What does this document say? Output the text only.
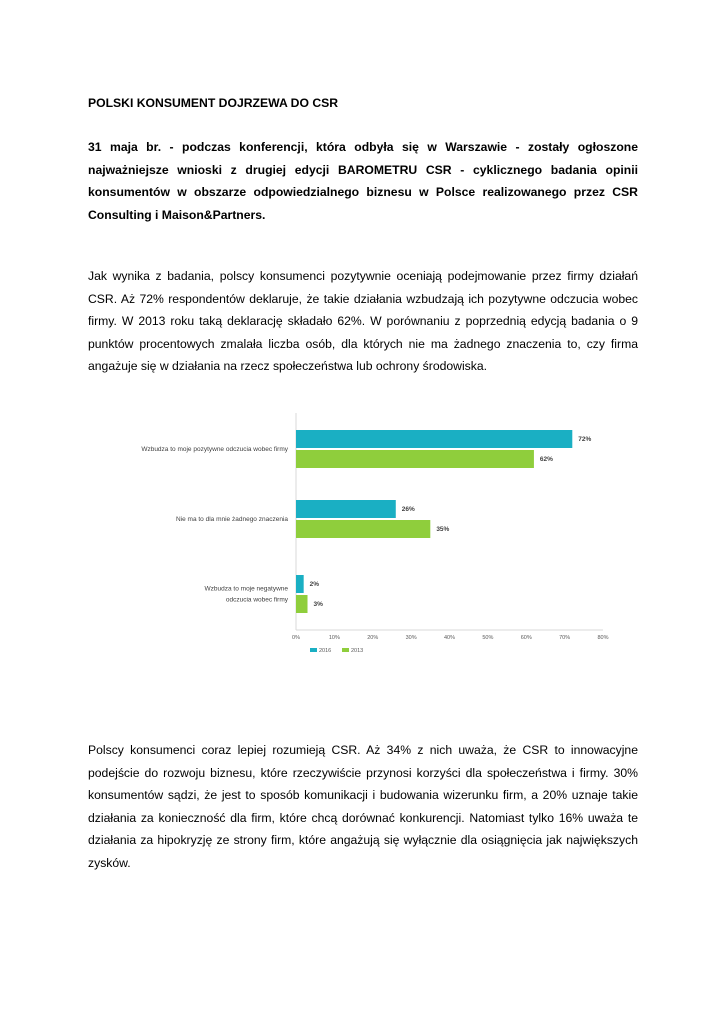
POLSKI KONSUMENT DOJRZEWA DO CSR

31 maja br. - podczas konferencji, która odbyła się w Warszawie - zostały ogłoszone najważniejsze wnioski z drugiej edycji BAROMETRU CSR - cyklicznego badania opinii konsumentów w obszarze odpowiedzialnego biznesu w Polsce realizowanego przez CSR Consulting i Maison&Partners.

Jak wynika z badania, polscy konsumenci pozytywnie oceniają podejmowanie przez firmy działań CSR. Aż 72% respondentów deklaruje, że takie działania wzbudzają ich pozytywne odczucia wobec firmy. W 2013 roku taką deklarację składało 62%. W porównaniu z poprzednią edycją badania o 9 punktów procentowych zmalała liczba osób, dla których nie ma żadnego znaczenia to, czy firma angażuje się w działania na rzecz społeczeństwa lub ochrony środowiska.

0%	10%	20%	30%	40%	50%	60%	70%	80%
72%
62%
Wzbudza to moje pozytywne odczucia wobec firmy
26%
35%
Nie ma to dla mnie żadnego znaczenia
2%
3%
Wzbudza to moje negatywne
odczucia wobec firmy
2016	2013

Polscy konsumenci coraz lepiej rozumieją CSR. Aż 34% z nich uważa, że CSR to innowacyjne podejście do rozwoju biznesu, które rzeczywiście przynosi korzyści dla społeczeństwa i firmy. 30% konsumentów sądzi, że jest to sposób komunikacji i budowania wizerunku firm, a 20% uznaje takie działania za konieczność dla firm, które chcą dorównać konkurencji. Natomiast tylko 16% uważa te działania za hipokryzję ze strony firm, które angażują się wyłącznie dla osiągnięcia jak największych zysków.
